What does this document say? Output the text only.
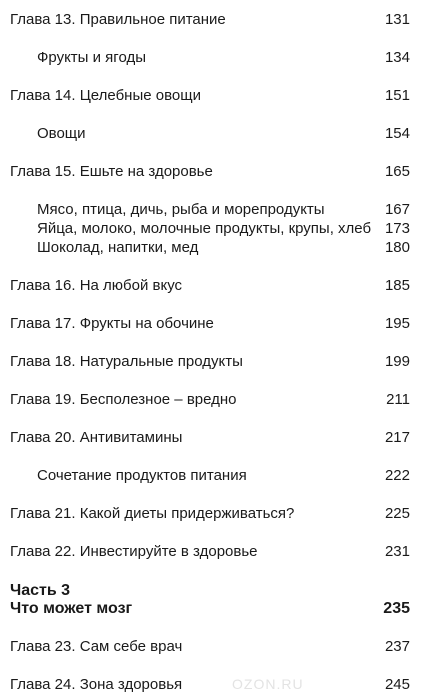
Глава 13. Правильное питание	131
Фрукты и ягоды	134
Глава 14. Целебные овощи	151
Овощи	154
Глава 15. Ешьте на здоровье	165
Мясо, птица, дичь, рыба и морепродукты	167
Яйца, молоко, молочные продукты, крупы, хлеб 173
Шоколад, напитки, мед	180
Глава 16. На любой вкус	185
Глава 17. Фрукты на обочине	195
Глава 18. Натуральные продукты	199
Глава 19. Бесполезное – вредно	211
Глава 20. Антивитамины	217
Сочетание продуктов питания	222
Глава 21. Какой диеты придерживаться?	225
Глава 22. Инвестируйте в здоровье	231
Часть 3
Что может мозг	235
Глава 23. Сам себе врач	237
Глава 24. Зона здоровья	245
OZON.RU
